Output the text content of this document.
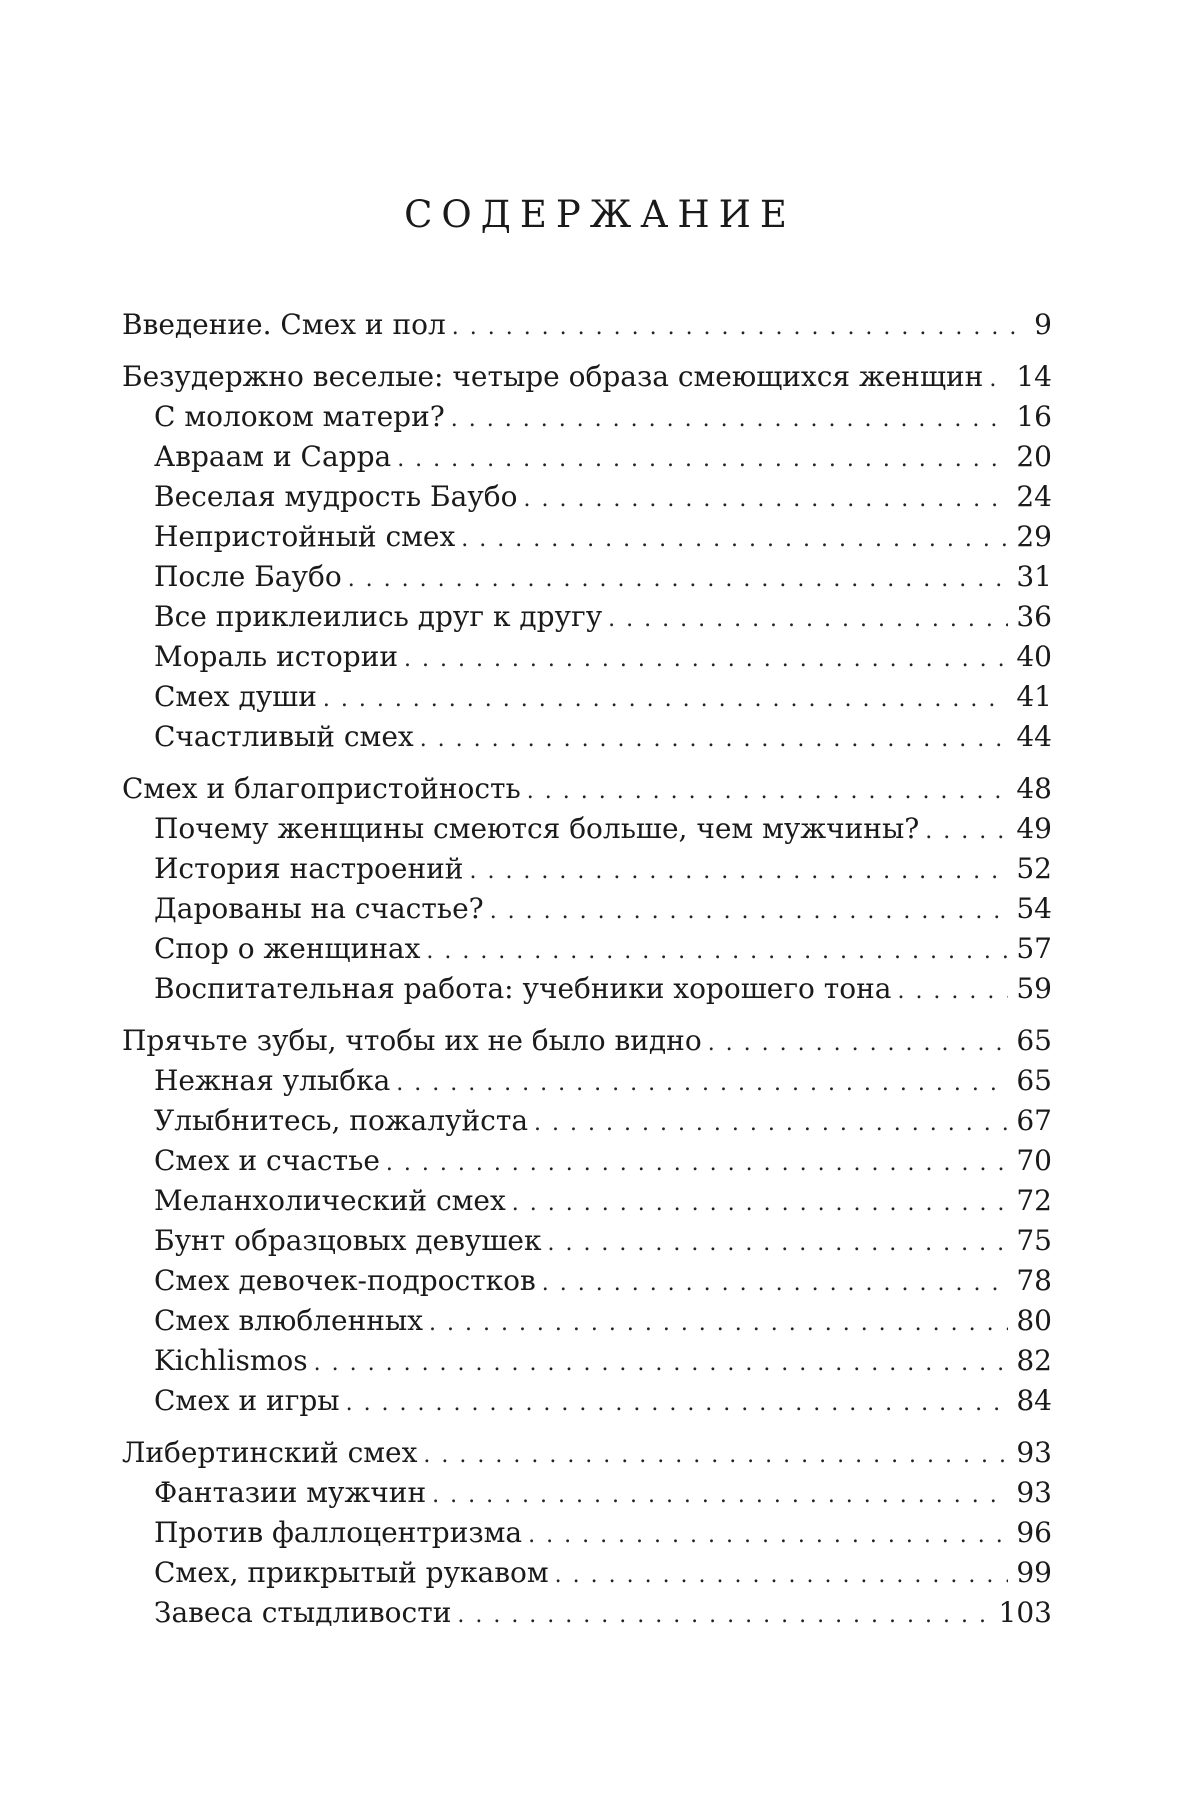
СОДЕРЖАНИЕ
Введение. Смех и пол . . .	9
Безудержно веселые: четыре образа смеющихся женщин . . . 14
С молоком матери? . . .	16
Авраам и Сарра . . .	20
Веселая мудрость Баубо . . .	24
Непристойный смех . . .	29
После Баубо . . .	31
Все приклеились друг к другу . . .	36
Мораль истории . . .	40
Смех души . . .	41
Счастливый смех . . .	44
Смех и благопристойность . . .	48
Почему женщины смеются больше, чем мужчины? . . .	49
История настроений . . .	52
Дарованы на счастье? . . .	54
Спор о женщинах . . .	57
Воспитательная работа: учебники хорошего тона . . .	59
Прячьте зубы, чтобы их не было видно . . .	65
Нежная улыбка . . .	65
Улыбнитесь, пожалуйста . . .	67
Смех и счастье . . .	70
Меланхолический смех . . .	72
Бунт образцовых девушек . . .	75
Смех девочек-подростков . . .	78
Смех влюбленных . . .	80
Kichlismos . . .	82
Смех и игры . . .	84
Либертинский смех . . .	93
Фантазии мужчин . . .	93
Против фаллоцентризма . . .	96
Смех, прикрытый рукавом . . .	99
Завеса стыдливости . . .	103
